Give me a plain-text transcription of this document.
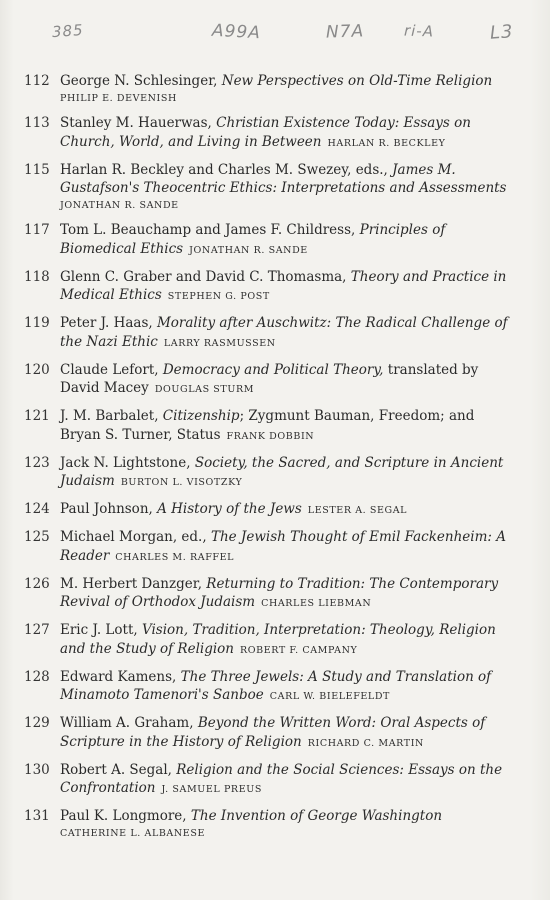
385	A99A	N7A	ri-A	L3
112 George N. Schlesinger, New Perspectives on Old-Time Religion
PHILIP E. DEVENISH
113 Stanley M. Hauerwas, Christian Existence Today: Essays on Church, World, and Living in Between HARLAN R. BECKLEY
115 Harlan R. Beckley and Charles M. Swezey, eds., James M. Gustafson's Theocentric Ethics: Interpretations and Assessments
JONATHAN R. SANDE
117 Tom L. Beauchamp and James F. Childress, Principles of Biomedical Ethics JONATHAN R. SANDE
118 Glenn C. Graber and David C. Thomasma, Theory and Practice in Medical Ethics STEPHEN G. POST
119 Peter J. Haas, Morality after Auschwitz: The Radical Challenge of the Nazi Ethic LARRY RASMUSSEN
120 Claude Lefort, Democracy and Political Theory, translated by David Macey DOUGLAS STURM
121 J. M. Barbalet, Citizenship; Zygmunt Bauman, Freedom; and Bryan S. Turner, Status FRANK DOBBIN
123 Jack N. Lightstone, Society, the Sacred, and Scripture in Ancient Judaism BURTON L. VISOTZKY
124 Paul Johnson, A History of the Jews LESTER A. SEGAL
125 Michael Morgan, ed., The Jewish Thought of Emil Fackenheim: A Reader CHARLES M. RAFFEL
126 M. Herbert Danzger, Returning to Tradition: The Contemporary Revival of Orthodox Judaism CHARLES LIEBMAN
127 Eric J. Lott, Vision, Tradition, Interpretation: Theology, Religion and the Study of Religion ROBERT F. CAMPANY
128 Edward Kamens, The Three Jewels: A Study and Translation of Minamoto Tamenori's Sanboe CARL W. BIELEFELDT
129 William A. Graham, Beyond the Written Word: Oral Aspects of Scripture in the History of Religion RICHARD C. MARTIN
130 Robert A. Segal, Religion and the Social Sciences: Essays on the Confrontation J. SAMUEL PREUS
131 Paul K. Longmore, The Invention of George Washington
CATHERINE L. ALBANESE
